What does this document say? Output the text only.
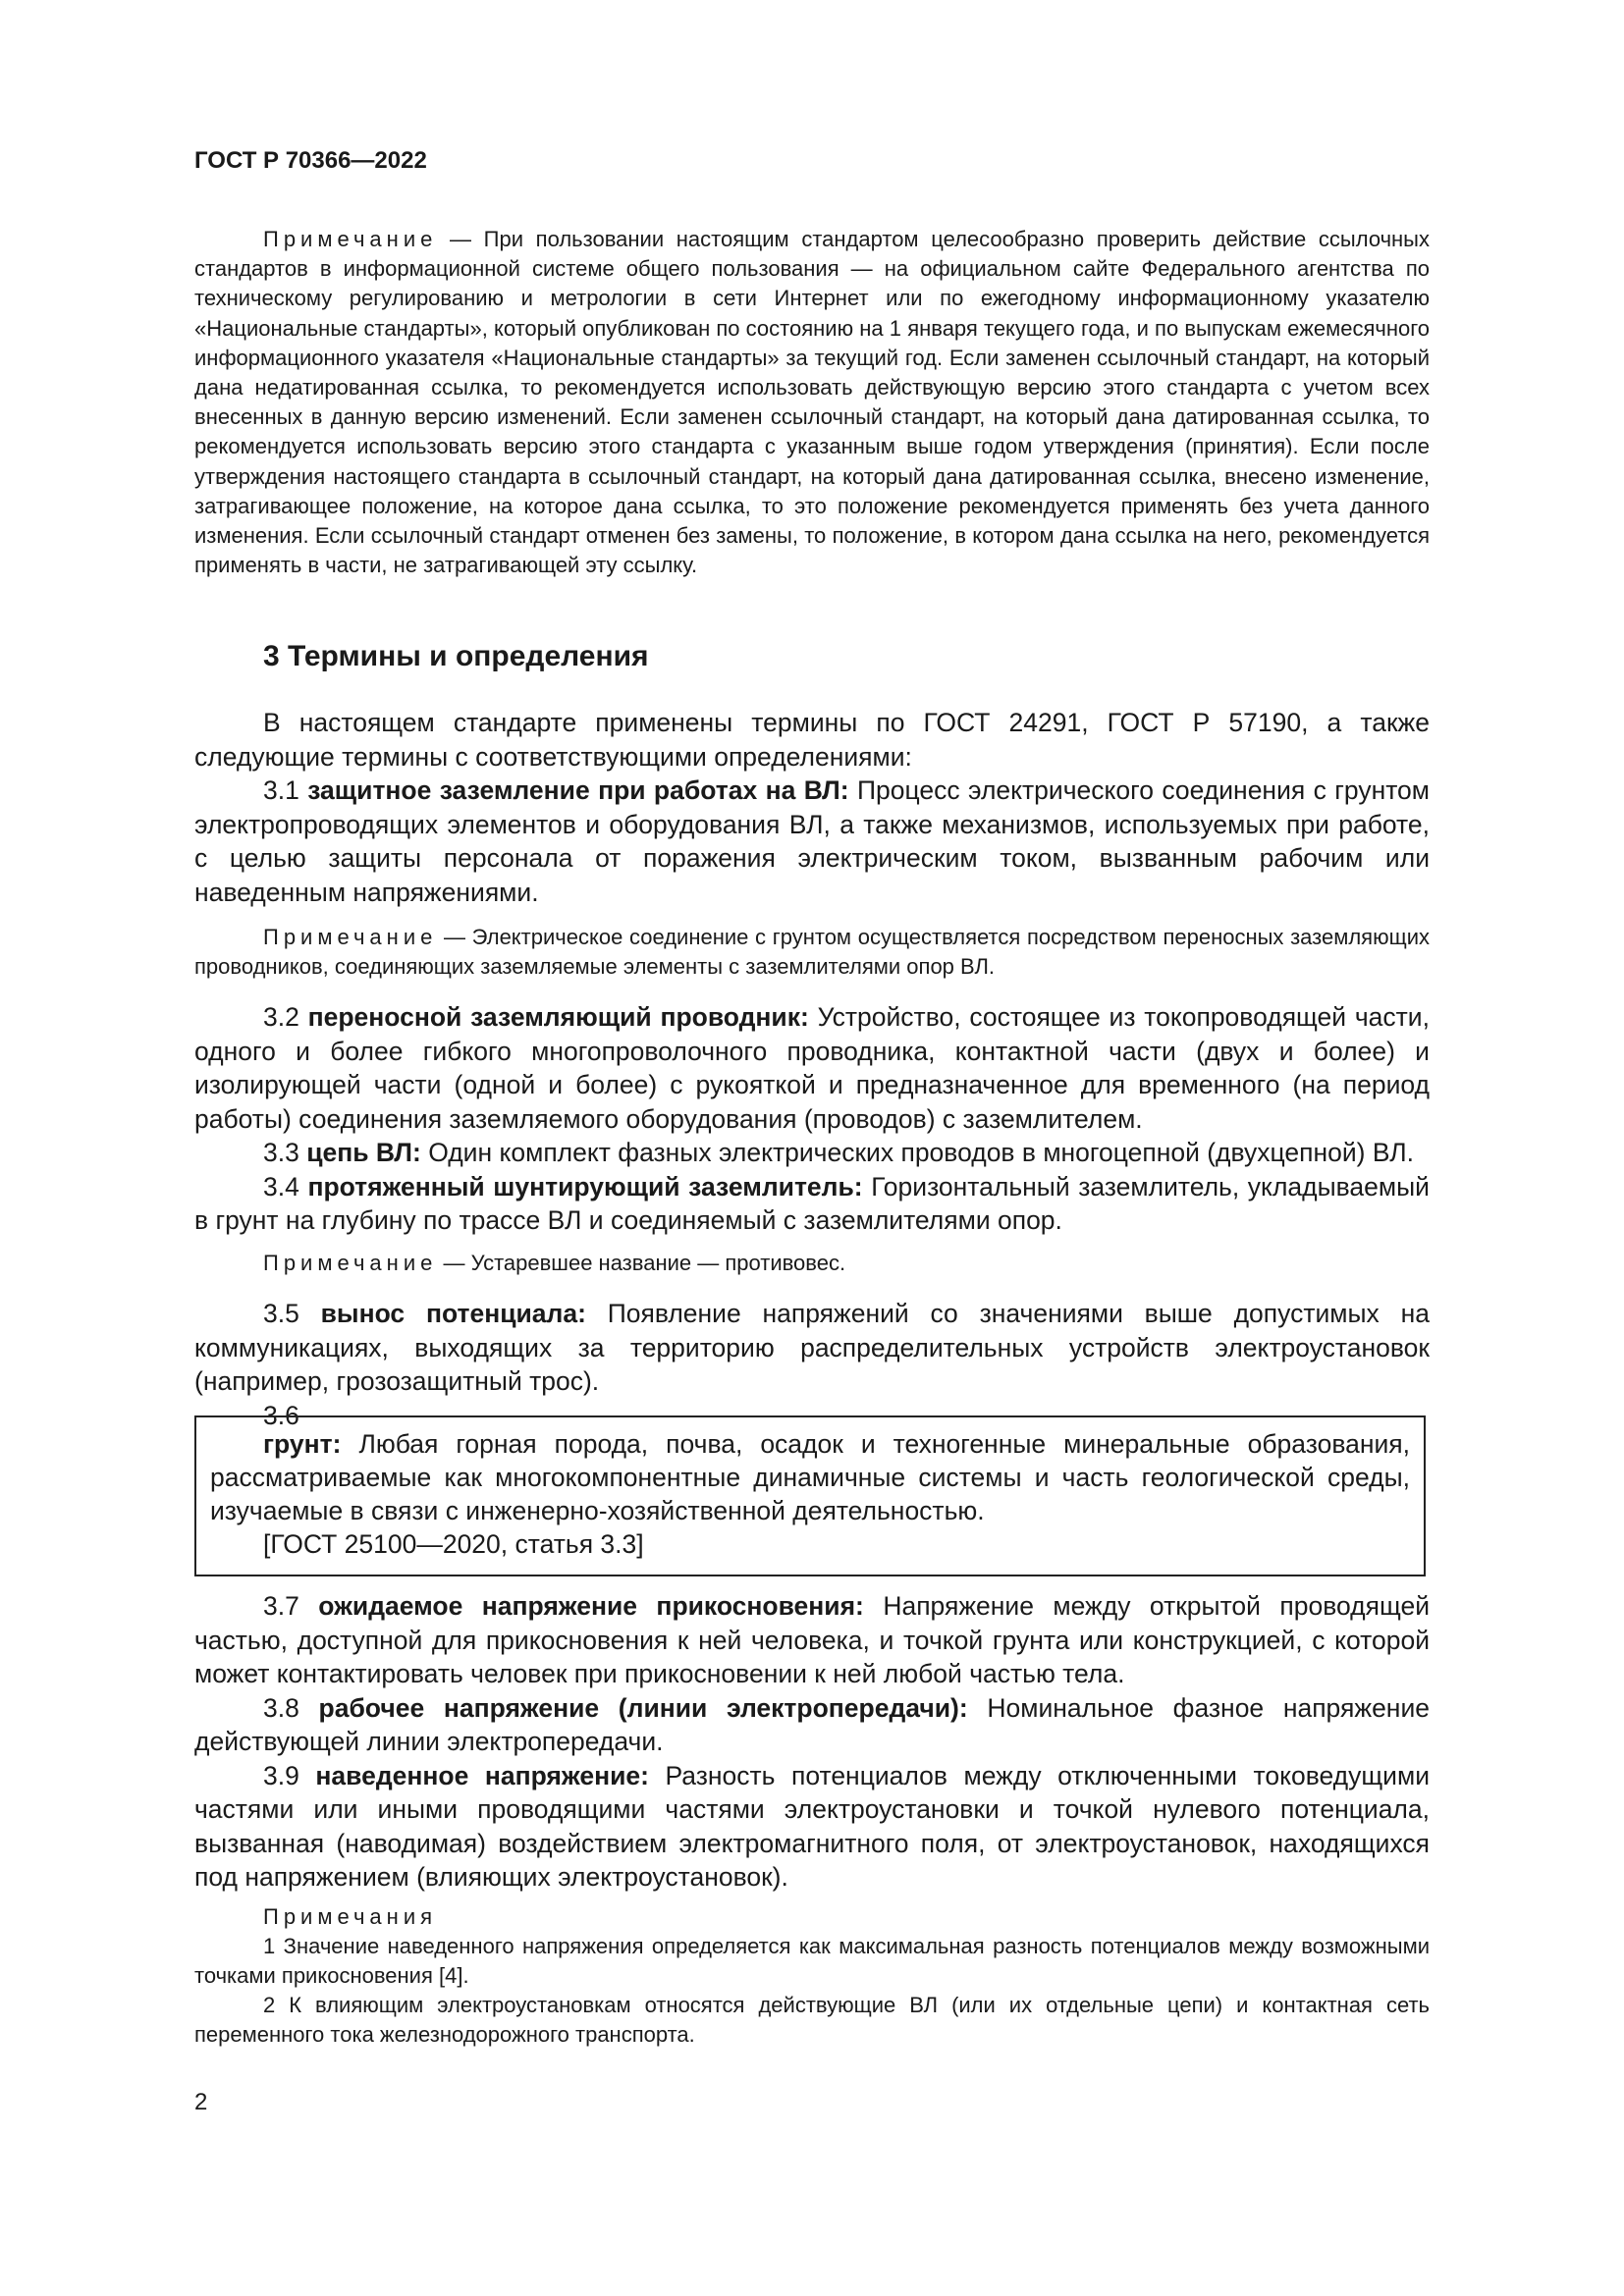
ГОСТ Р 70366—2022

Примечание — При пользовании настоящим стандартом целесообразно проверить действие ссылочных стандартов в информационной системе общего пользования — на официальном сайте Федерального агентства по техническому регулированию и метрологии в сети Интернет или по ежегодному информационному указателю «Национальные стандарты», который опубликован по состоянию на 1 января текущего года, и по выпускам ежемесячного информационного указателя «Национальные стандарты» за текущий год. Если заменен ссылочный стандарт, на который дана недатированная ссылка, то рекомендуется использовать действующую версию этого стандарта с учетом всех внесенных в данную версию изменений. Если заменен ссылочный стандарт, на который дана датированная ссылка, то рекомендуется использовать версию этого стандарта с указанным выше годом утверждения (принятия). Если после утверждения настоящего стандарта в ссылочный стандарт, на который дана датированная ссылка, внесено изменение, затрагивающее положение, на которое дана ссылка, то это положение рекомендуется применять без учета данного изменения. Если ссылочный стандарт отменен без замены, то положение, в котором дана ссылка на него, рекомендуется применять в части, не затрагивающей эту ссылку.

3 Термины и определения

В настоящем стандарте применены термины по ГОСТ 24291, ГОСТ Р 57190, а также следующие термины с соответствующими определениями:

3.1 защитное заземление при работах на ВЛ: Процесс электрического соединения с грунтом электропроводящих элементов и оборудования ВЛ, а также механизмов, используемых при работе, с целью защиты персонала от поражения электрическим током, вызванным рабочим или наведенным напряжениями.

Примечание — Электрическое соединение с грунтом осуществляется посредством переносных заземляющих проводников, соединяющих заземляемые элементы с заземлителями опор ВЛ.

3.2 переносной заземляющий проводник: Устройство, состоящее из токопроводящей части, одного и более гибкого многопроволочного проводника, контактной части (двух и более) и изолирующей части (одной и более) с рукояткой и предназначенное для временного (на период работы) соединения заземляемого оборудования (проводов) с заземлителем.

3.3 цепь ВЛ: Один комплект фазных электрических проводов в многоцепной (двухцепной) ВЛ.

3.4 протяженный шунтирующий заземлитель: Горизонтальный заземлитель, укладываемый в грунт на глубину по трассе ВЛ и соединяемый с заземлителями опор.

Примечание — Устаревшее название — противовес.

3.5 вынос потенциала: Появление напряжений со значениями выше допустимых на коммуникациях, выходящих за территорию распределительных устройств электроустановок (например, грозозащитный трос).

3.6

грунт: Любая горная порода, почва, осадок и техногенные минеральные образования, рассматриваемые как многокомпонентные динамичные системы и часть геологической среды, изучаемые в связи с инженерно-хозяйственной деятельностью.

[ГОСТ 25100—2020, статья 3.3]

3.7 ожидаемое напряжение прикосновения: Напряжение между открытой проводящей частью, доступной для прикосновения к ней человека, и точкой грунта или конструкцией, с которой может контактировать человек при прикосновении к ней любой частью тела.

3.8 рабочее напряжение (линии электропередачи): Номинальное фазное напряжение действующей линии электропередачи.

3.9 наведенное напряжение: Разность потенциалов между отключенными токоведущими частями или иными проводящими частями электроустановки и точкой нулевого потенциала, вызванная (наводимая) воздействием электромагнитного поля, от электроустановок, находящихся под напряжением (влияющих электроустановок).

Примечания

1 Значение наведенного напряжения определяется как максимальная разность потенциалов между возможными точками прикосновения [4].

2 К влияющим электроустановкам относятся действующие ВЛ (или их отдельные цепи) и контактная сеть переменного тока железнодорожного транспорта.

2
